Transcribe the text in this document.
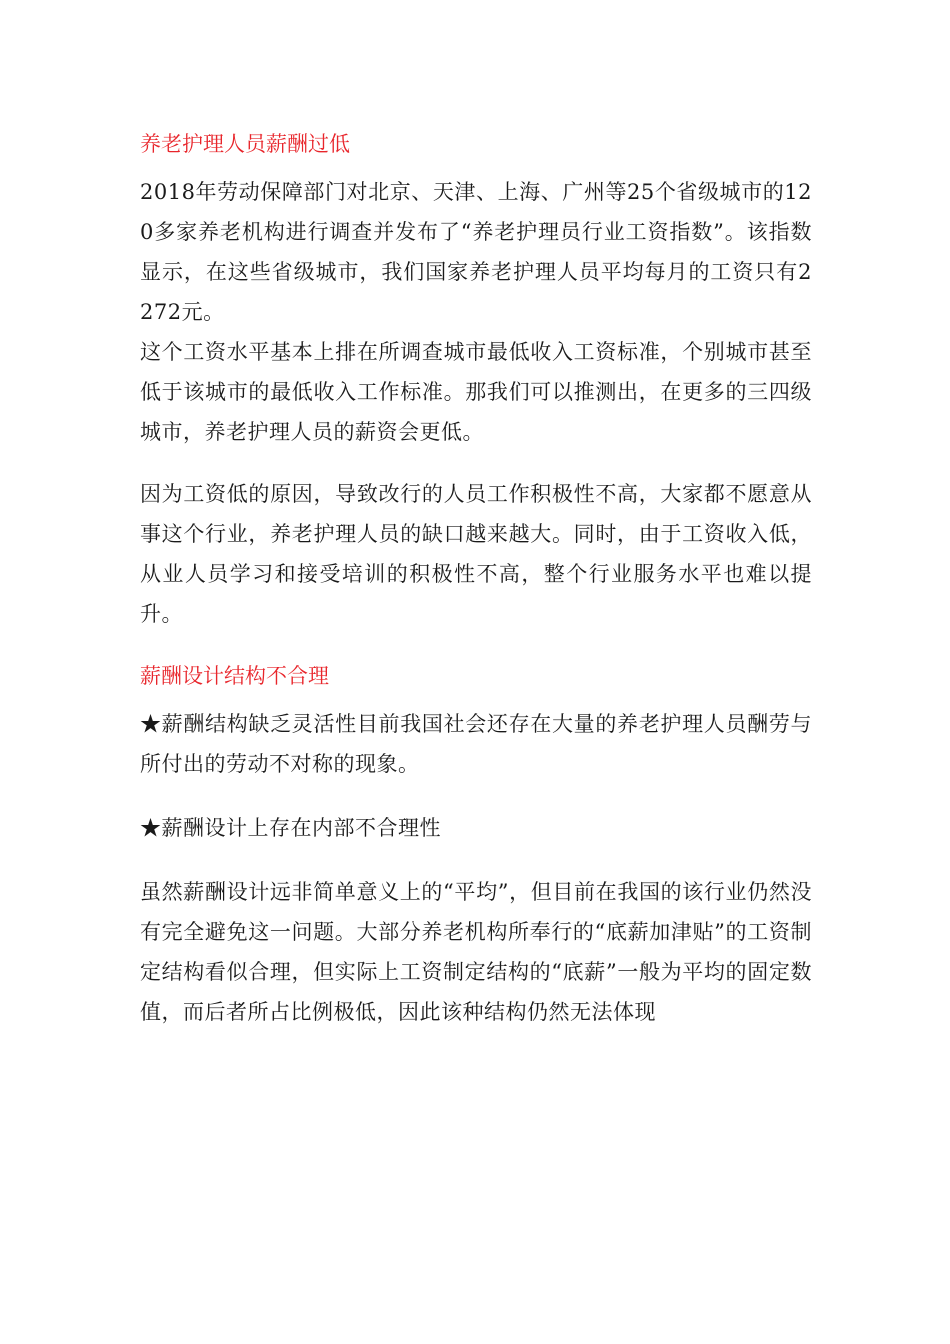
养老护理人员薪酬过低

2018年劳动保障部门对北京、天津、上海、广州等25个省级城市的120多家养老机构进行调查并发布了“养老护理员行业工资指数”。该指数显示，在这些省级城市，我们国家养老护理人员平均每月的工资只有2272元。

这个工资水平基本上排在所调查城市最低收入工资标准，个别城市甚至低于该城市的最低收入工作标准。那我们可以推测出，在更多的三四级城市，养老护理人员的薪资会更低。

因为工资低的原因，导致改行的人员工作积极性不高，大家都不愿意从事这个行业，养老护理人员的缺口越来越大。同时，由于工资收入低，从业人员学习和接受培训的积极性不高，整个行业服务水平也难以提升。

薪酬设计结构不合理

★薪酬结构缺乏灵活性目前我国社会还存在大量的养老护理人员酬劳与所付出的劳动不对称的现象。

★薪酬设计上存在内部不合理性

虽然薪酬设计远非简单意义上的“平均”，但目前在我国的该行业仍然没有完全避免这一问题。大部分养老机构所奉行的“底薪加津贴”的工资制定结构看似合理，但实际上工资制定结构的“底薪”一般为平均的固定数值，而后者所占比例极低，因此该种结构仍然无法体现
